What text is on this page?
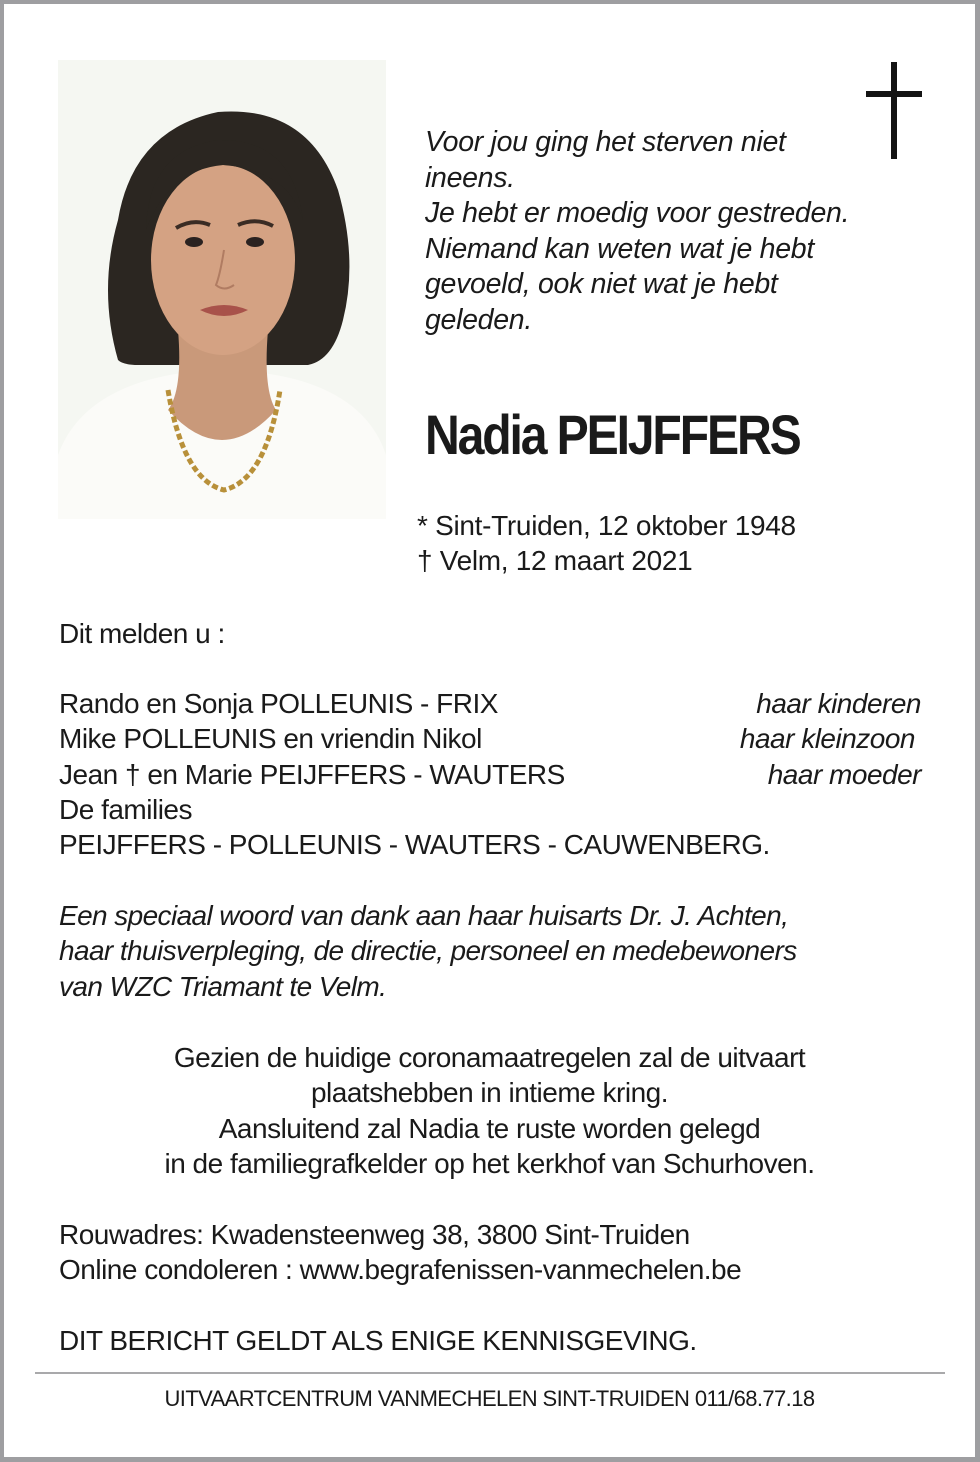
Voor jou ging het sterven niet
ineens.
Je hebt er moedig voor gestreden.
Niemand kan weten wat je hebt
gevoeld, ook niet wat je hebt
geleden.
Nadia PEIJFFERS
* Sint-Truiden, 12 oktober 1948
† Velm, 12 maart 2021
Dit melden u :
Rando en Sonja POLLEUNIS - FRIX	haar kinderen
Mike POLLEUNIS en vriendin Nikol	haar kleinzoon
Jean † en Marie PEIJFFERS - WAUTERS	haar moeder
De families
PEIJFFERS - POLLEUNIS - WAUTERS - CAUWENBERG.
Een speciaal woord van dank aan haar huisarts Dr. J. Achten,
haar thuisverpleging, de directie, personeel en medebewoners
van WZC Triamant te Velm.
Gezien de huidige coronamaatregelen zal de uitvaart
plaatshebben in intieme kring.
Aansluitend zal Nadia te ruste worden gelegd
in de familiegrafkelder op het kerkhof van Schurhoven.
Rouwadres: Kwadensteenweg 38, 3800 Sint-Truiden
Online condoleren : www.begrafenissen-vanmechelen.be
DIT BERICHT GELDT ALS ENIGE KENNISGEVING.
UITVAARTCENTRUM VANMECHELEN SINT-TRUIDEN 011/68.77.18
